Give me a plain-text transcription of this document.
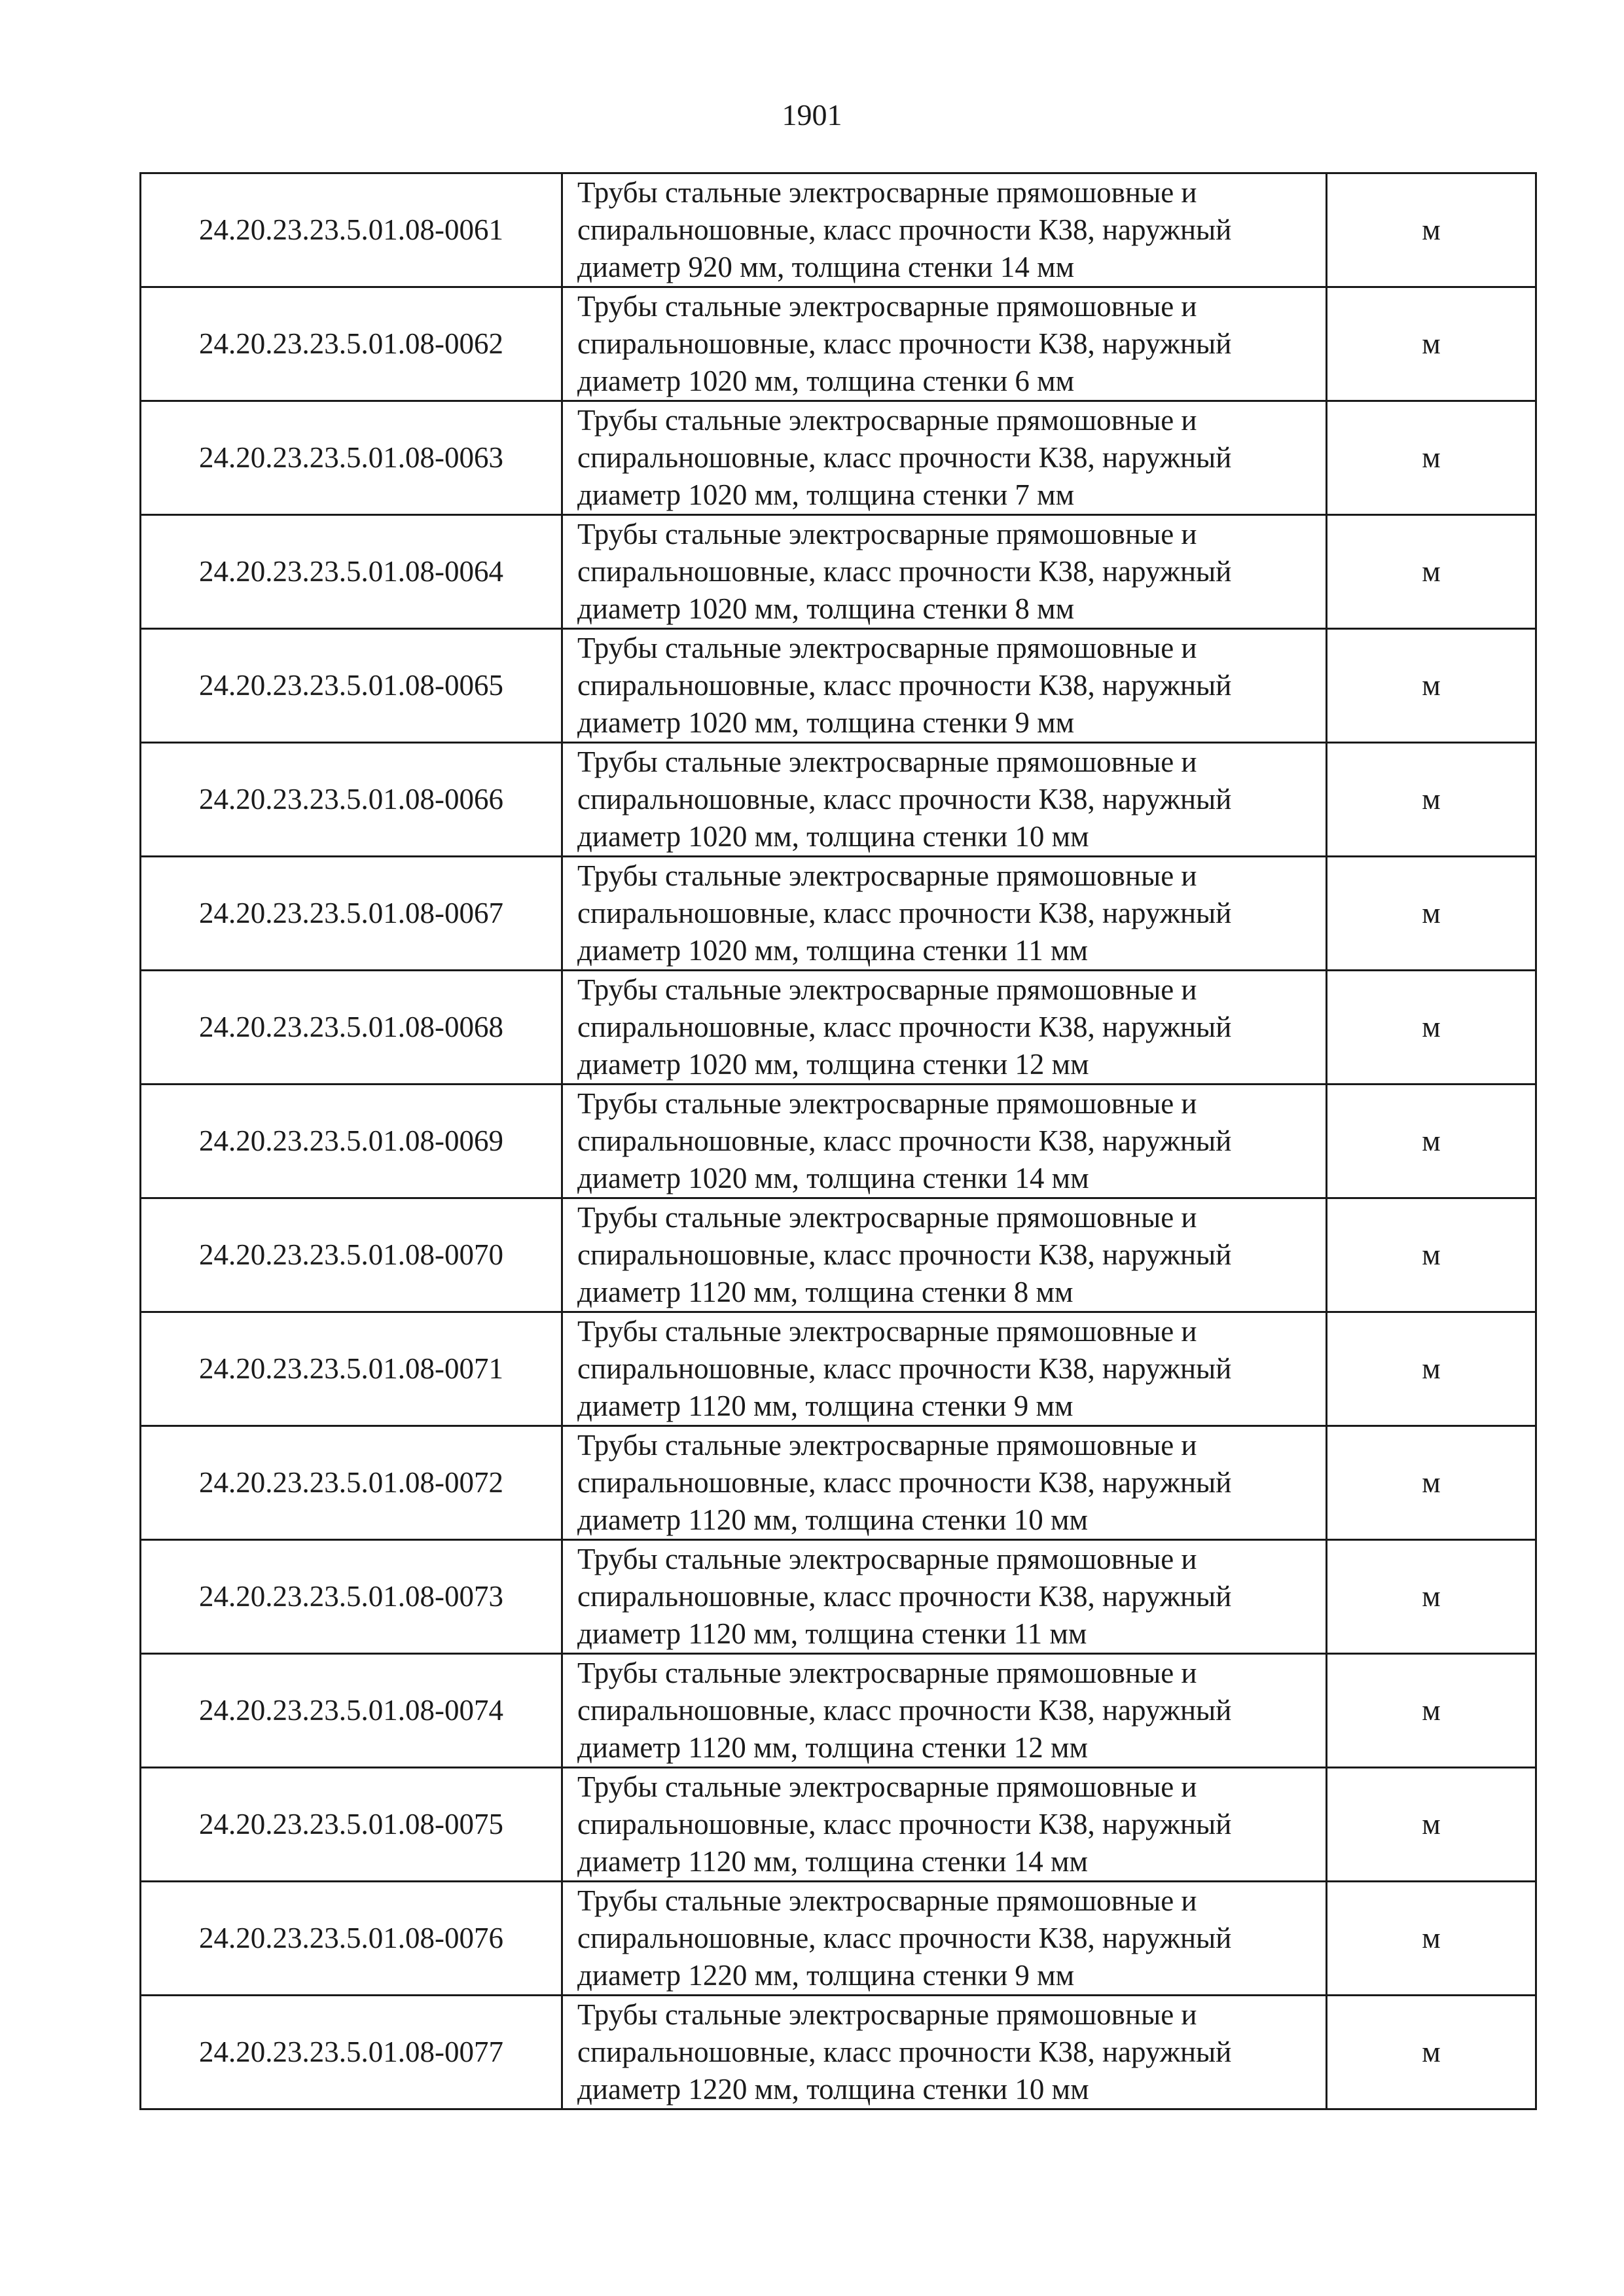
1901
24.20.23.23.5.01.08-0061	Трубы стальные электросварные прямошовные и
спиральношовные, класс прочности К38, наружный
диаметр 920 мм, толщина стенки 14 мм	м
24.20.23.23.5.01.08-0062	Трубы стальные электросварные прямошовные и
спиральношовные, класс прочности К38, наружный
диаметр 1020 мм, толщина стенки 6 мм	м
24.20.23.23.5.01.08-0063	Трубы стальные электросварные прямошовные и
спиральношовные, класс прочности К38, наружный
диаметр 1020 мм, толщина стенки 7 мм	м
24.20.23.23.5.01.08-0064	Трубы стальные электросварные прямошовные и
спиральношовные, класс прочности К38, наружный
диаметр 1020 мм, толщина стенки 8 мм	м
24.20.23.23.5.01.08-0065	Трубы стальные электросварные прямошовные и
спиральношовные, класс прочности К38, наружный
диаметр 1020 мм, толщина стенки 9 мм	м
24.20.23.23.5.01.08-0066	Трубы стальные электросварные прямошовные и
спиральношовные, класс прочности К38, наружный
диаметр 1020 мм, толщина стенки 10 мм	м
24.20.23.23.5.01.08-0067	Трубы стальные электросварные прямошовные и
спиральношовные, класс прочности К38, наружный
диаметр 1020 мм, толщина стенки 11 мм	м
24.20.23.23.5.01.08-0068	Трубы стальные электросварные прямошовные и
спиральношовные, класс прочности К38, наружный
диаметр 1020 мм, толщина стенки 12 мм	м
24.20.23.23.5.01.08-0069	Трубы стальные электросварные прямошовные и
спиральношовные, класс прочности К38, наружный
диаметр 1020 мм, толщина стенки 14 мм	м
24.20.23.23.5.01.08-0070	Трубы стальные электросварные прямошовные и
спиральношовные, класс прочности К38, наружный
диаметр 1120 мм, толщина стенки 8 мм	м
24.20.23.23.5.01.08-0071	Трубы стальные электросварные прямошовные и
спиральношовные, класс прочности К38, наружный
диаметр 1120 мм, толщина стенки 9 мм	м
24.20.23.23.5.01.08-0072	Трубы стальные электросварные прямошовные и
спиральношовные, класс прочности К38, наружный
диаметр 1120 мм, толщина стенки 10 мм	м
24.20.23.23.5.01.08-0073	Трубы стальные электросварные прямошовные и
спиральношовные, класс прочности К38, наружный
диаметр 1120 мм, толщина стенки 11 мм	м
24.20.23.23.5.01.08-0074	Трубы стальные электросварные прямошовные и
спиральношовные, класс прочности К38, наружный
диаметр 1120 мм, толщина стенки 12 мм	м
24.20.23.23.5.01.08-0075	Трубы стальные электросварные прямошовные и
спиральношовные, класс прочности К38, наружный
диаметр 1120 мм, толщина стенки 14 мм	м
24.20.23.23.5.01.08-0076	Трубы стальные электросварные прямошовные и
спиральношовные, класс прочности К38, наружный
диаметр 1220 мм, толщина стенки 9 мм	м
24.20.23.23.5.01.08-0077	Трубы стальные электросварные прямошовные и
спиральношовные, класс прочности К38, наружный
диаметр 1220 мм, толщина стенки 10 мм	м
